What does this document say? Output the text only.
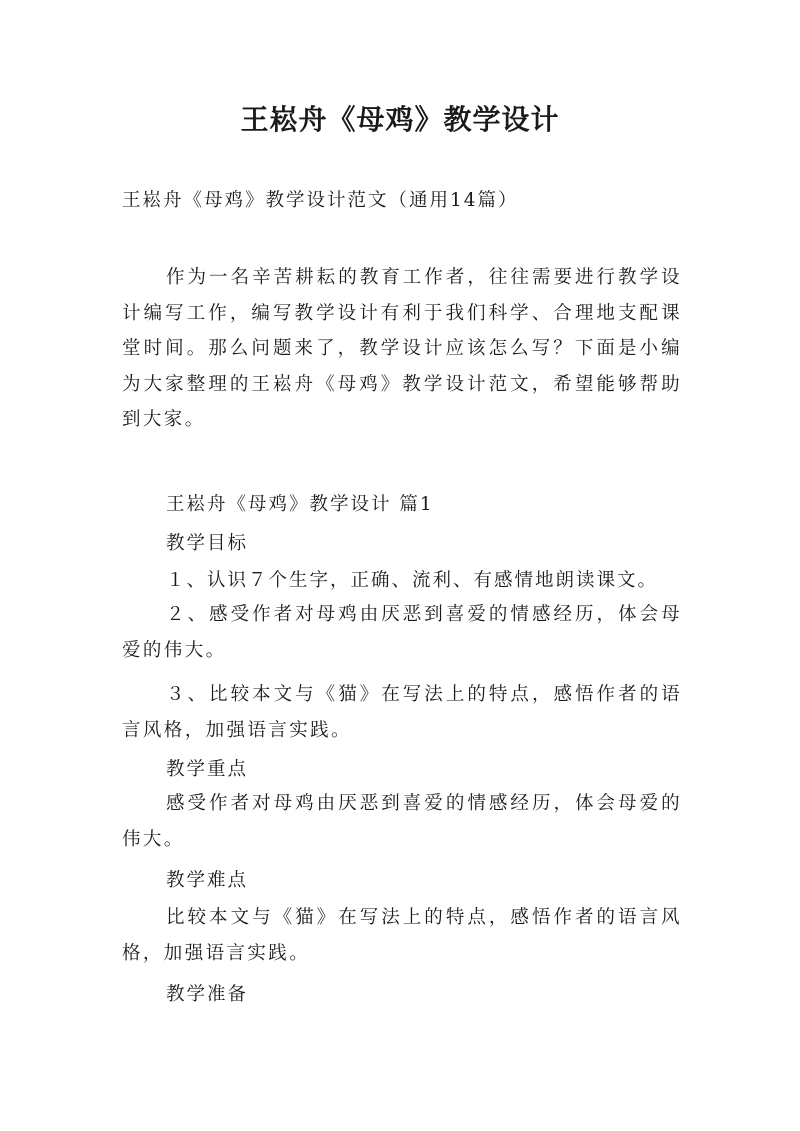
王崧舟《母鸡》教学设计
王崧舟《母鸡》教学设计范文（通用14篇）

作为一名辛苦耕耘的教育工作者，往往需要进行教学设计编写工作，编写教学设计有利于我们科学、合理地支配课堂时间。那么问题来了，教学设计应该怎么写？下面是小编为大家整理的王崧舟《母鸡》教学设计范文，希望能够帮助到大家。

王崧舟《母鸡》教学设计 篇1
教学目标
１、认识７个生字，正确、流利、有感情地朗读课文。

２、感受作者对母鸡由厌恶到喜爱的情感经历，体会母爱的伟大。

３、比较本文与《猫》在写法上的特点，感悟作者的语言风格，加强语言实践。

教学重点

感受作者对母鸡由厌恶到喜爱的情感经历，体会母爱的伟大。

教学难点

比较本文与《猫》在写法上的特点，感悟作者的语言风格，加强语言实践。

教学准备
